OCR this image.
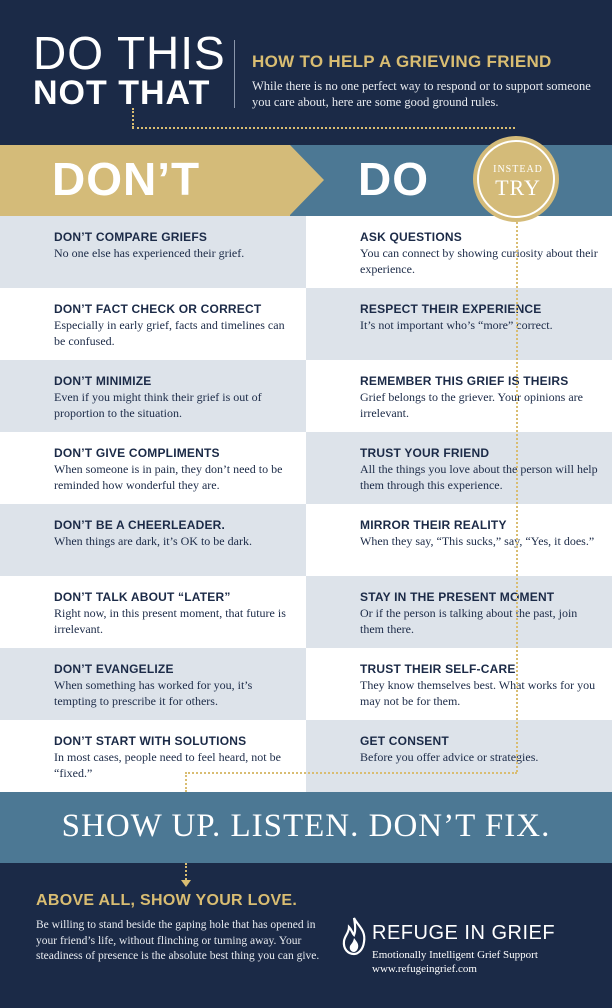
DO THIS
NOT THAT
HOW TO HELP A GRIEVING FRIEND
While there is no one perfect way to respond or to support someone you care about, here are some good ground rules.
DON’T	DO	INSTEAD
TRY
DON’T COMPARE GRIEFS
No one else has experienced their grief.
ASK QUESTIONS
You can connect by showing curiosity about their experience.
DON’T FACT CHECK OR CORRECT
Especially in early grief, facts and timelines can be confused.
RESPECT THEIR EXPERIENCE
It’s not important who’s “more” correct.
DON’T MINIMIZE
Even if you might think their grief is out of proportion to the situation.
REMEMBER THIS GRIEF IS THEIRS
Grief belongs to the griever. Your opinions are irrelevant.
DON’T GIVE COMPLIMENTS
When someone is in pain, they don’t need to be reminded how wonderful they are.
TRUST YOUR FRIEND
All the things you love about the person will help them through this experience.
DON’T BE A CHEERLEADER.
When things are dark, it’s OK to be dark.
MIRROR THEIR REALITY
When they say, “This sucks,” say, “Yes, it does.”
DON’T TALK ABOUT “LATER”
Right now, in this present moment, that future is irrelevant.
STAY IN THE PRESENT MOMENT
Or if the person is talking about the past, join them there.
DON’T EVANGELIZE
When something has worked for you, it’s tempting to prescribe it for others.
TRUST THEIR SELF-CARE
They know themselves best. What works for you may not be for them.
DON’T START WITH SOLUTIONS
In most cases, people need to feel heard, not be “fixed.”
GET CONSENT
Before you offer advice or strategies.
SHOW UP. LISTEN. DON’T FIX.
ABOVE ALL, SHOW YOUR LOVE.
Be willing to stand beside the gaping hole that has opened in your friend’s life, without flinching or turning away. Your steadiness of presence is the absolute best thing you can give.
REFUGE IN GRIEF
Emotionally Intelligent Grief Support
www.refugeingrief.com
